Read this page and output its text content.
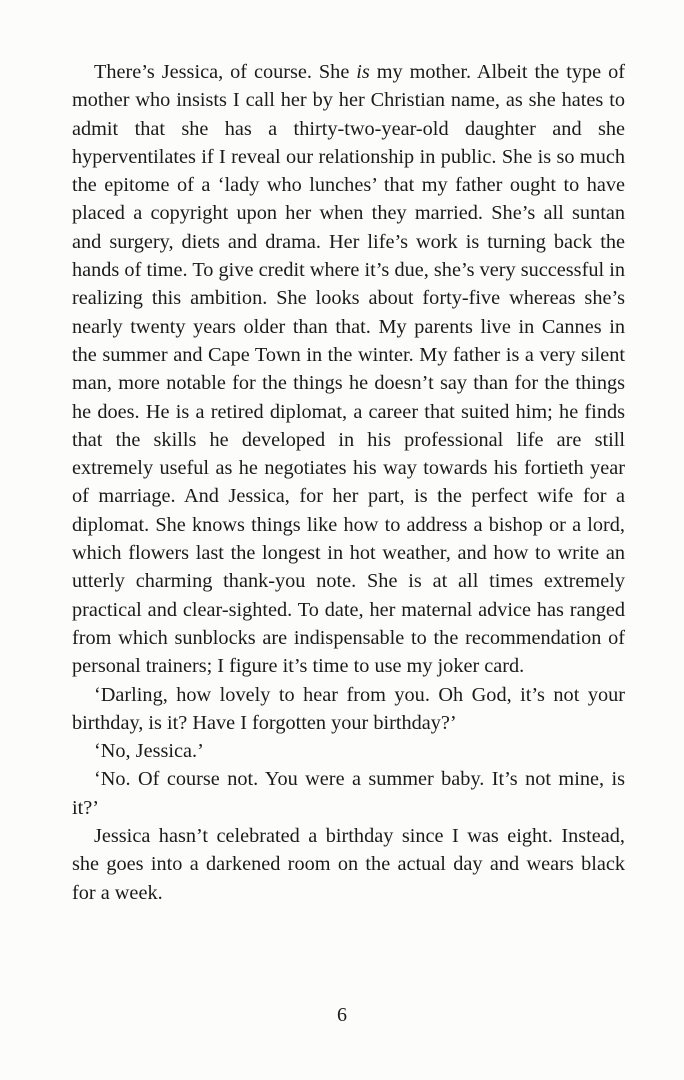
There’s Jessica, of course. She is my mother. Albeit the type of mother who insists I call her by her Christian name, as she hates to admit that she has a thirty-two-year-old daughter and she hyperventilates if I reveal our relationship in public. She is so much the epitome of a ‘lady who lunches’ that my father ought to have placed a copyright upon her when they married. She’s all suntan and surgery, diets and drama. Her life’s work is turning back the hands of time. To give credit where it’s due, she’s very successful in realizing this ambition. She looks about forty-five whereas she’s nearly twenty years older than that. My parents live in Cannes in the summer and Cape Town in the winter. My father is a very silent man, more notable for the things he doesn’t say than for the things he does. He is a retired diplomat, a career that suited him; he finds that the skills he developed in his professional life are still extremely useful as he negotiates his way towards his fortieth year of marriage. And Jessica, for her part, is the perfect wife for a diplomat. She knows things like how to address a bishop or a lord, which flowers last the longest in hot weather, and how to write an utterly charming thank-you note. She is at all times extremely practical and clear-sighted. To date, her maternal advice has ranged from which sunblocks are indispensable to the recommendation of personal trainers; I figure it’s time to use my joker card.

‘Darling, how lovely to hear from you. Oh God, it’s not your birthday, is it? Have I forgotten your birthday?’

‘No, Jessica.’

‘No. Of course not. You were a summer baby. It’s not mine, is it?’

Jessica hasn’t celebrated a birthday since I was eight. Instead, she goes into a darkened room on the actual day and wears black for a week.

6
